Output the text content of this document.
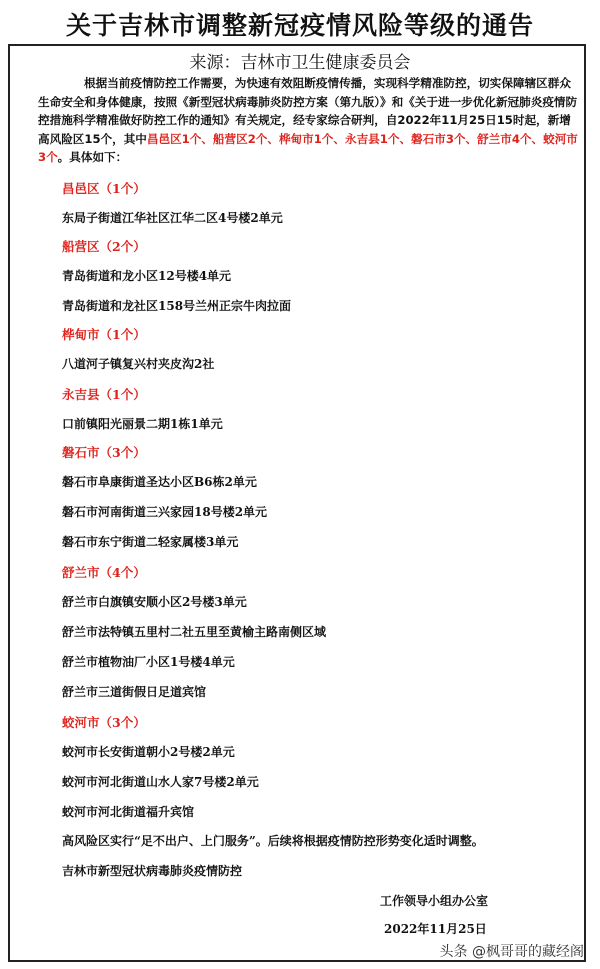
关于吉林市调整新冠疫情风险等级的通告
来源：吉林市卫生健康委员会
根据当前疫情防控工作需要，为快速有效阻断疫情传播，实现科学精准防控，切实保障辖区群众生命安全和身体健康，按照《新型冠状病毒肺炎防控方案（第九版）》和《关于进一步优化新冠肺炎疫情防控措施科学精准做好防控工作的通知》有关规定，经专家综合研判，自2022年11月25日15时起，新增高风险区15个，其中昌邑区1个、船营区2个、桦甸市1个、永吉县1个、磐石市3个、舒兰市4个、蛟河市3个。具体如下：
昌邑区（1个）
东局子街道江华社区江华二区4号楼2单元
船营区（2个）
青岛街道和龙小区12号楼4单元
青岛街道和龙社区158号兰州正宗牛肉拉面
桦甸市（1个）
八道河子镇复兴村夹皮沟2社
永吉县（1个）
口前镇阳光丽景二期1栋1单元
磐石市（3个）
磐石市阜康街道圣达小区B6栋2单元
磐石市河南街道三兴家园18号楼2单元
磐石市东宁街道二轻家属楼3单元
舒兰市（4个）
舒兰市白旗镇安顺小区2号楼3单元
舒兰市法特镇五里村二社五里至黄榆主路南侧区域
舒兰市植物油厂小区1号楼4单元
舒兰市三道街假日足道宾馆
蛟河市（3个）
蛟河市长安街道朝小2号楼2单元
蛟河市河北街道山水人家7号楼2单元
蛟河市河北街道福升宾馆
高风险区实行“足不出户、上门服务”。后续将根据疫情防控形势变化适时调整。
吉林市新型冠状病毒肺炎疫情防控
工作领导小组办公室
2022年11月25日
头条 @枫哥哥的藏经阁
